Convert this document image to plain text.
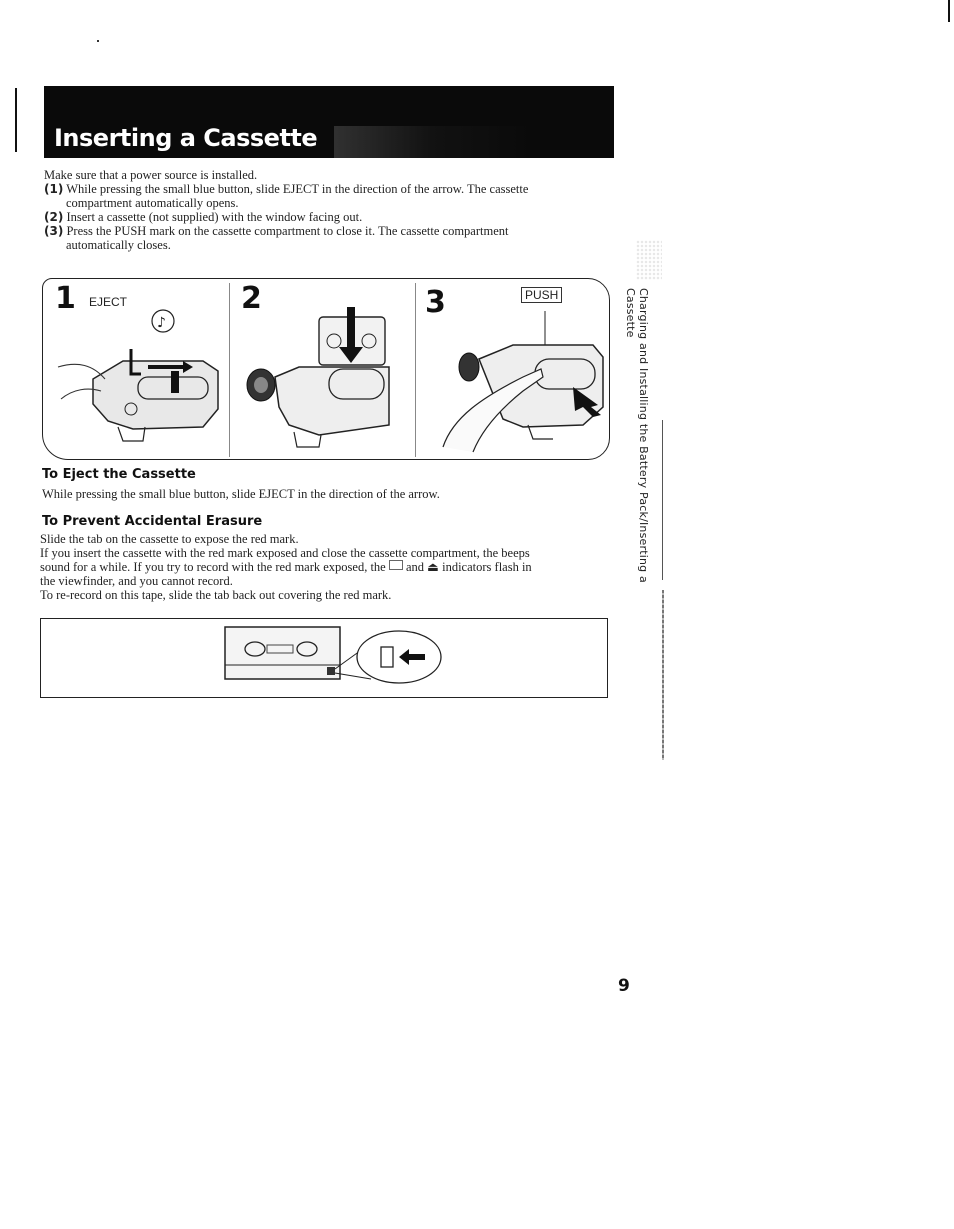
Inserting a Cassette
Make sure that a power source is installed.
(1) While pressing the small blue button, slide EJECT in the direction of the arrow. The cassette
compartment automatically opens.
(2) Insert a cassette (not supplied) with the window facing out.
(3) Press the PUSH mark on the cassette compartment to close it. The cassette compartment
automatically closes.
1 EJECT	2	3	PUSH
♪
To Eject the Cassette
While pressing the small blue button, slide EJECT in the direction of the arrow.
To Prevent Accidental Erasure
Slide the tab on the cassette to expose the red mark.
If you insert the cassette with the red mark exposed and close the cassette compartment, the beeps
sound for a while. If you try to record with the red mark exposed, the  and ⏏ indicators flash in
the viewfinder, and you cannot record.
To re-record on this tape, slide the tab back out covering the red mark.
Charging and Installing the Battery Pack/Inserting a Cassette
9
